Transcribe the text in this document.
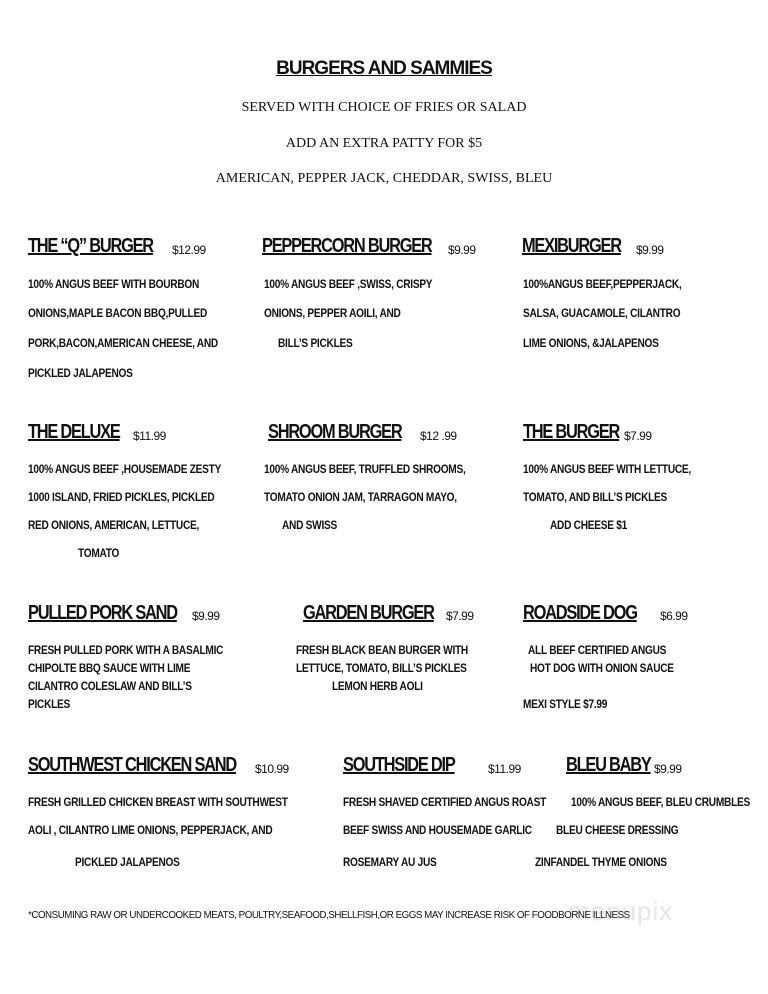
BURGERS AND SAMMIES
SERVED WITH CHOICE OF FRIES OR SALAD
ADD AN EXTRA PATTY FOR $5
AMERICAN, PEPPER JACK, CHEDDAR, SWISS, BLEU
THE “Q” BURGER $12.99
100% ANGUS BEEF WITH BOURBON
ONIONS,MAPLE BACON BBQ,PULLED
PORK,BACON,AMERICAN CHEESE, AND
PICKLED JALAPENOS
PEPPERCORN BURGER $9.99
100% ANGUS BEEF ,SWISS, CRISPY
ONIONS, PEPPER AOILI, AND
BILL’S PICKLES
MEXIBURGER $9.99
100%ANGUS BEEF,PEPPERJACK,
SALSA, GUACAMOLE, CILANTRO
LIME ONIONS, &JALAPENOS
THE DELUXE $11.99
100% ANGUS BEEF ,HOUSEMADE ZESTY
1000 ISLAND, FRIED PICKLES, PICKLED
RED ONIONS, AMERICAN, LETTUCE,
TOMATO
SHROOM BURGER $12 .99
100% ANGUS BEEF, TRUFFLED SHROOMS,
TOMATO ONION JAM, TARRAGON MAYO,
AND SWISS
THE BURGER $7.99
100% ANGUS BEEF WITH LETTUCE,
TOMATO, AND BILL’S PICKLES
ADD CHEESE $1
PULLED PORK SAND $9.99
FRESH PULLED PORK WITH A BASALMIC
CHIPOLTE BBQ SAUCE WITH LIME
CILANTRO COLESLAW AND BILL’S
PICKLES
GARDEN BURGER $7.99
FRESH BLACK BEAN BURGER WITH
LETTUCE, TOMATO, BILL’S PICKLES
LEMON HERB AOLI
ROADSIDE DOG $6.99
ALL BEEF CERTIFIED ANGUS
HOT DOG WITH ONION SAUCE
MEXI STYLE $7.99
SOUTHWEST CHICKEN SAND $10.99
FRESH GRILLED CHICKEN BREAST WITH SOUTHWEST
AOLI , CILANTRO LIME ONIONS, PEPPERJACK, AND
PICKLED JALAPENOS
SOUTHSIDE DIP	$11.99
FRESH SHAVED CERTIFIED ANGUS ROAST
BEEF SWISS AND HOUSEMADE GARLIC
ROSEMARY AU JUS
BLEU BABY $9.99
100% ANGUS BEEF, BLEU CRUMBLES
BLEU CHEESE DRESSING
ZINFANDEL THYME ONIONS
menupix
*CONSUMING RAW OR UNDERCOOKED MEATS, POULTRY,SEAFOOD,SHELLFISH,OR EGGS MAY INCREASE RISK OF FOODBORNE ILLNESS
